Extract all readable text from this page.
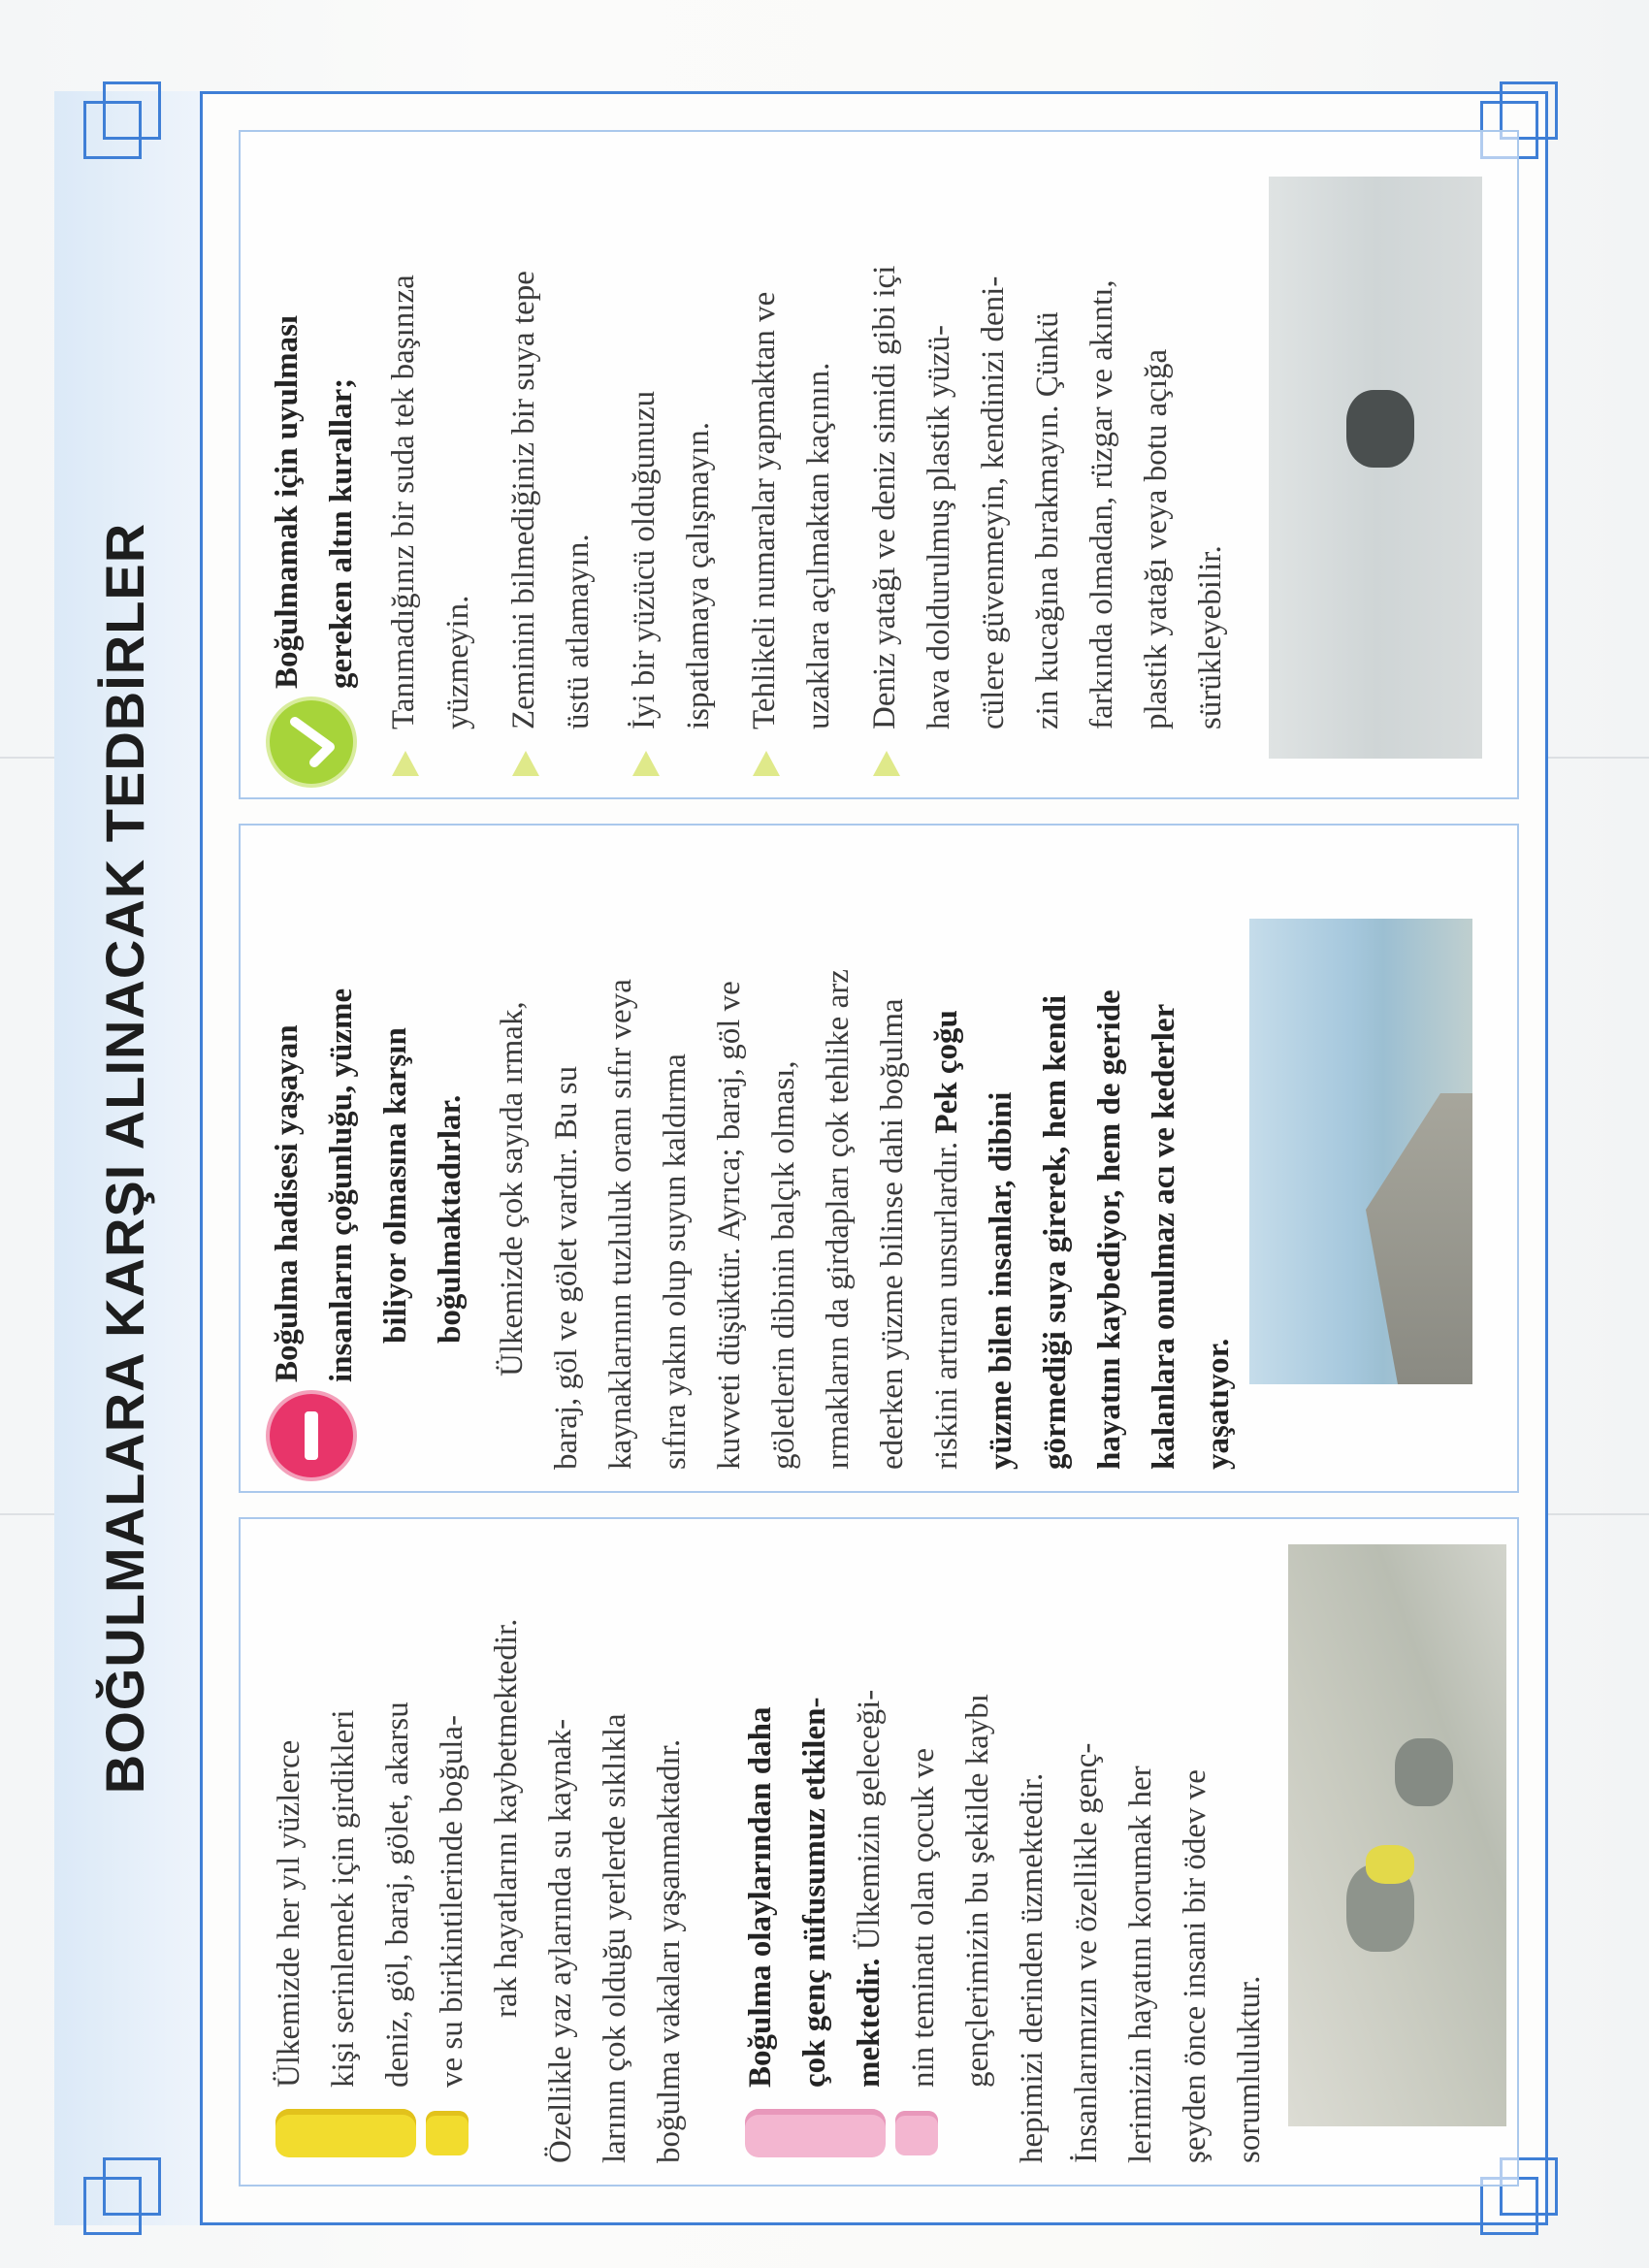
BOĞULMALARA KARŞI ALINACAK TEDBİRLER
Ülkemizde her yıl yüzlerce kişi serinlemek için girdikleri deniz, göl, baraj, gölet, akarsu ve su birikintilerinde boğula- rak hayatlarını kaybetmektedir. Özellikle yaz aylarında su kaynak- larının çok olduğu yerlerde sıklıkla boğulma vakaları yaşanmaktadır.	Boğulma olaylarından daha çok genç nüfusumuz etkilen- mektedir. Ülkemizin geleceği- nin teminatı olan çocuk ve gençlerimizin bu şekilde kaybı hepimizi derinden üzmektedir. İnsanlarımızın ve özellikle genç- lerimizin hayatını korumak her şeyden önce insani bir ödev ve sorumluluktur.
Boğulma hadisesi yaşayan insanların çoğunluğu, yüzme biliyor olmasına karşın boğulmaktadırlar. Ülkemizde çok sayıda ırmak, baraj, göl ve gölet vardır. Bu su kaynaklarının tuzluluk oranı sıfır veya sıfıra yakın olup suyun kaldırma kuvveti düşüktür. Ayrıca; baraj, göl ve göletlerin dibinin balçık olması, ırmakların da girdapları çok tehlike arz ederken yüzme bilinse dahi boğulma riskini artıran unsurlardır. Pek çoğu
yüzme bilen insanlar, dibini görmediği suya girerek, hem kendi hayatını kaybediyor, hem de geride kalanlara onulmaz acı ve kederler yaşatıyor.
Boğulmamak için uyulması gereken altın kurallar; Tanımadığınız bir suda tek başınıza yüzmeyin. Zeminini bilmediğiniz bir suya tepe üstü atlamayın. İyi bir yüzücü olduğunuzu ispatlamaya çalışmayın. Tehlikeli numaralar yapmaktan ve uzaklara açılmaktan kaçının. Deniz yatağı ve deniz simidi gibi içi hava doldurulmuş plastik yüzü- cülere güvenmeyin, kendinizi deni- zin kucağına bırakmayın. Çünkü farkında olmadan, rüzgar ve akıntı, plastik yatağı veya botu açığa sürükleyebilir.
